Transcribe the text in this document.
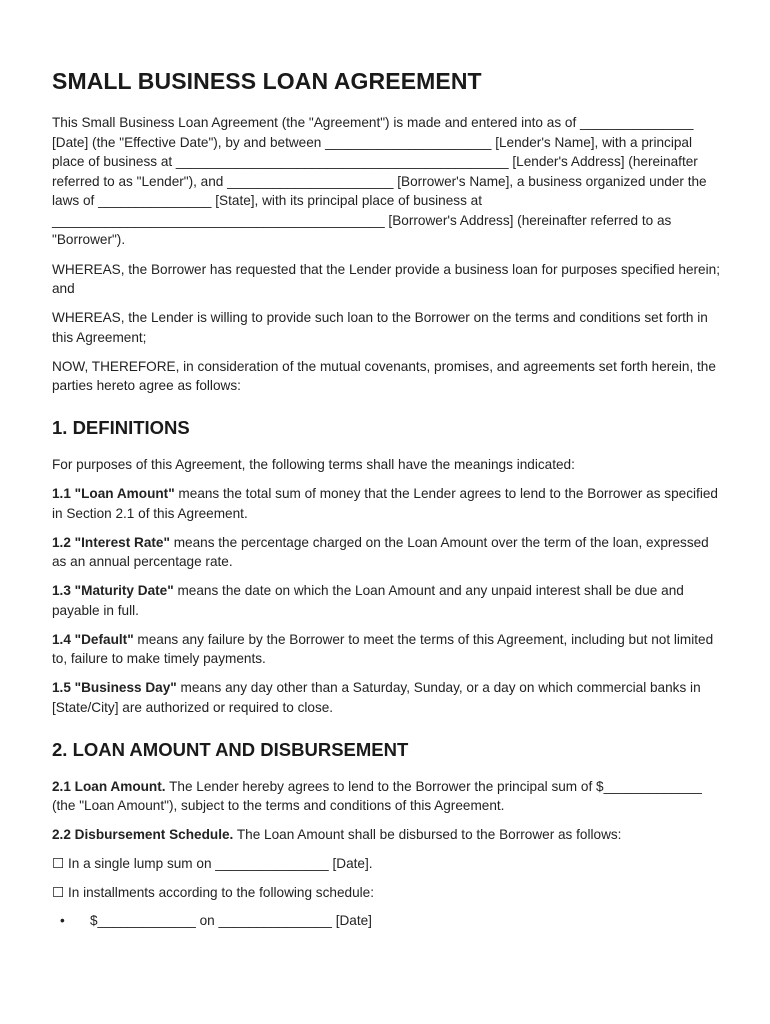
SMALL BUSINESS LOAN AGREEMENT

This Small Business Loan Agreement (the "Agreement") is made and entered into as of _______________ [Date] (the "Effective Date"), by and between ______________________ [Lender's Name], with a principal place of business at ____________________________________________ [Lender's Address] (hereinafter referred to as "Lender"), and ______________________ [Borrower's Name], a business organized under the laws of _______________ [State], with its principal place of business at ____________________________________________ [Borrower's Address] (hereinafter referred to as "Borrower").

WHEREAS, the Borrower has requested that the Lender provide a business loan for purposes specified herein; and

WHEREAS, the Lender is willing to provide such loan to the Borrower on the terms and conditions set forth in this Agreement;

NOW, THEREFORE, in consideration of the mutual covenants, promises, and agreements set forth herein, the parties hereto agree as follows:

1. DEFINITIONS

For purposes of this Agreement, the following terms shall have the meanings indicated:

1.1 "Loan Amount" means the total sum of money that the Lender agrees to lend to the Borrower as specified in Section 2.1 of this Agreement.

1.2 "Interest Rate" means the percentage charged on the Loan Amount over the term of the loan, expressed as an annual percentage rate.

1.3 "Maturity Date" means the date on which the Loan Amount and any unpaid interest shall be due and payable in full.

1.4 "Default" means any failure by the Borrower to meet the terms of this Agreement, including but not limited to, failure to make timely payments.

1.5 "Business Day" means any day other than a Saturday, Sunday, or a day on which commercial banks in [State/City] are authorized or required to close.

2. LOAN AMOUNT AND DISBURSEMENT

2.1 Loan Amount. The Lender hereby agrees to lend to the Borrower the principal sum of $_____________ (the "Loan Amount"), subject to the terms and conditions of this Agreement.

2.2 Disbursement Schedule. The Loan Amount shall be disbursed to the Borrower as follows:

☐ In a single lump sum on _______________ [Date].

☐ In installments according to the following schedule:

• $_____________ on _______________ [Date]
